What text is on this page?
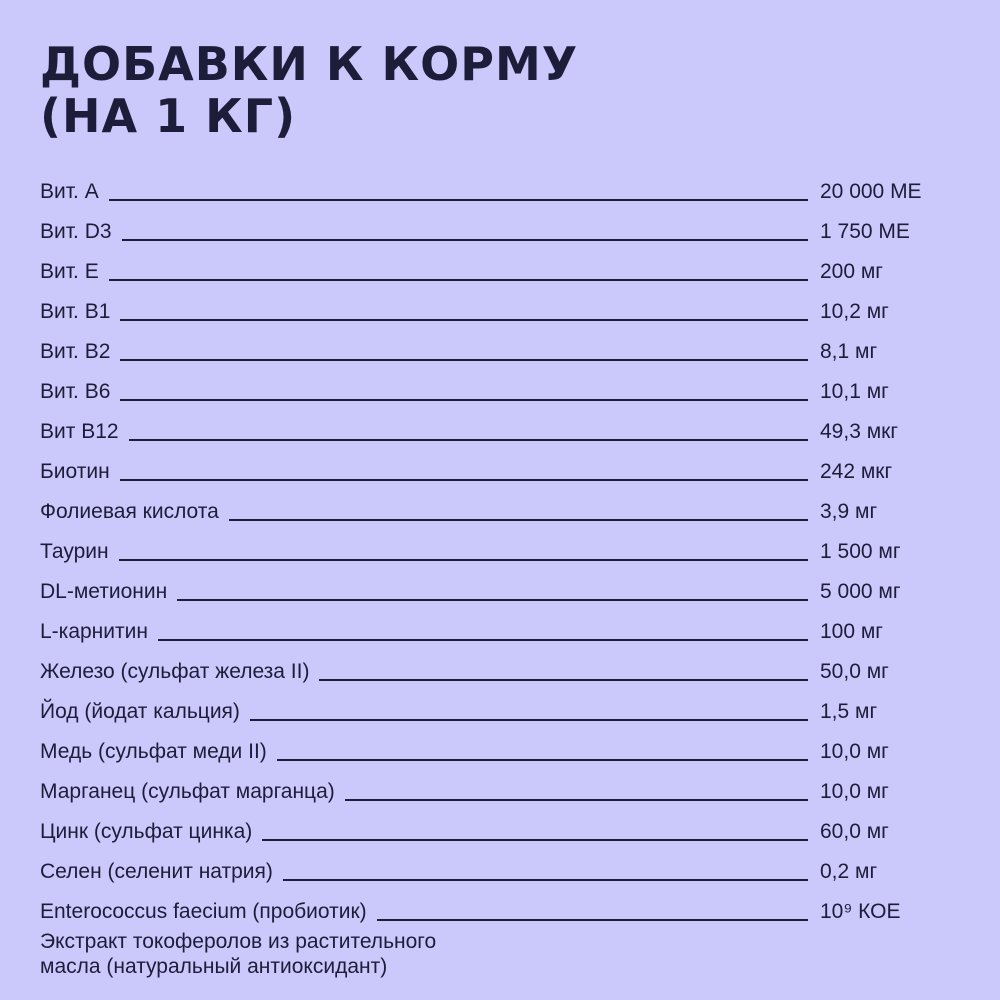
ДОБАВКИ К КОРМУ
(НА 1 КГ)
Вит. A	20 000 МЕ
Вит. D3	1 750 МЕ
Вит. E	200 мг
Вит. B1	10,2 мг
Вит. B2	8,1 мг
Вит. B6	10,1 мг
Вит B12	49,3 мкг
Биотин	242 мкг
Фолиевая кислота	3,9 мг
Таурин	1 500 мг
DL-метионин	5 000 мг
L-карнитин	100 мг
Железо (сульфат железа II)	50,0 мг
Йод (йодат кальция)	1,5 мг
Медь (сульфат меди II)	10,0 мг
Марганец (сульфат марганца)	10,0 мг
Цинк (сульфат цинка)	60,0 мг
Селен (селенит натрия)	0,2 мг
Enterococcus faecium (пробиотик)	10⁹ КОЕ
Экстракт токоферолов из растительного
масла (натуральный антиоксидант)
